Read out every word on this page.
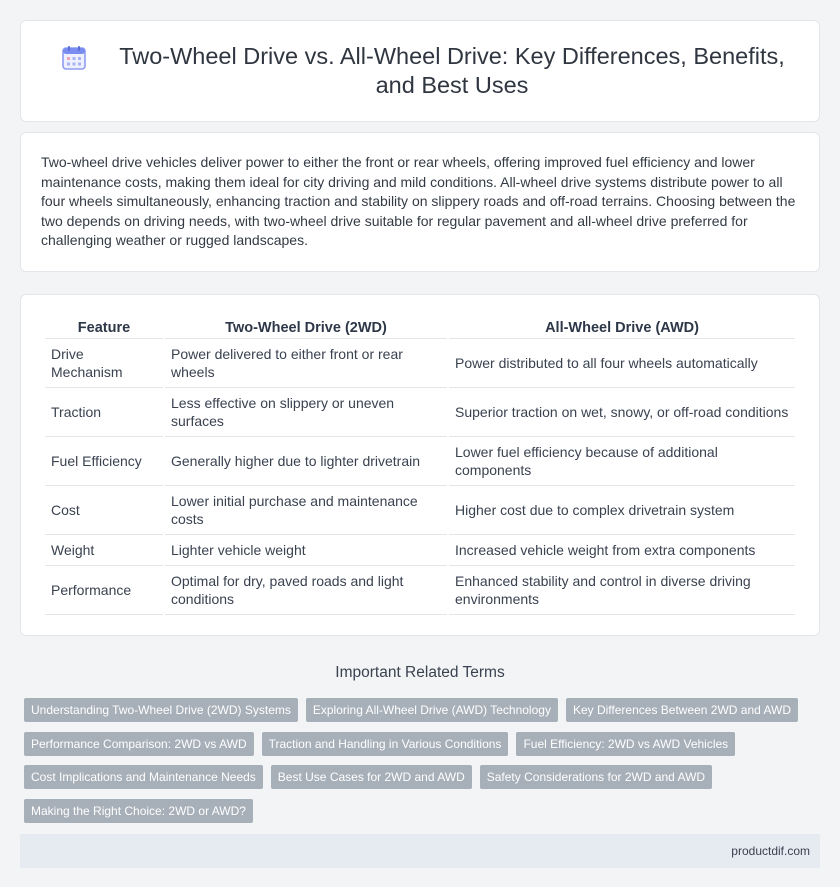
Two-Wheel Drive vs. All-Wheel Drive: Key Differences, Benefits, and Best Uses

Two-wheel drive vehicles deliver power to either the front or rear wheels, offering improved fuel efficiency and lower maintenance costs, making them ideal for city driving and mild conditions. All-wheel drive systems distribute power to all four wheels simultaneously, enhancing traction and stability on slippery roads and off-road terrains. Choosing between the two depends on driving needs, with two-wheel drive suitable for regular pavement and all-wheel drive preferred for challenging weather or rugged landscapes.

Feature	Two-Wheel Drive (2WD)	All-Wheel Drive (AWD)
Drive Mechanism	Power delivered to either front or rear wheels	Power distributed to all four wheels automatically
Traction	Less effective on slippery or uneven surfaces	Superior traction on wet, snowy, or off-road conditions
Fuel Efficiency	Generally higher due to lighter drivetrain	Lower fuel efficiency because of additional components
Cost	Lower initial purchase and maintenance costs	Higher cost due to complex drivetrain system
Weight	Lighter vehicle weight	Increased vehicle weight from extra components
Performance	Optimal for dry, paved roads and light conditions	Enhanced stability and control in diverse driving environments
Important Related Terms
Understanding Two-Wheel Drive (2WD) Systems	Exploring All-Wheel Drive (AWD) Technology	Key Differences Between 2WD and AWD
Performance Comparison: 2WD vs AWD	Traction and Handling in Various Conditions	Fuel Efficiency: 2WD vs AWD Vehicles
Cost Implications and Maintenance Needs	Best Use Cases for 2WD and AWD	Safety Considerations for 2WD and AWD
Making the Right Choice: 2WD or AWD?
productdif.com
